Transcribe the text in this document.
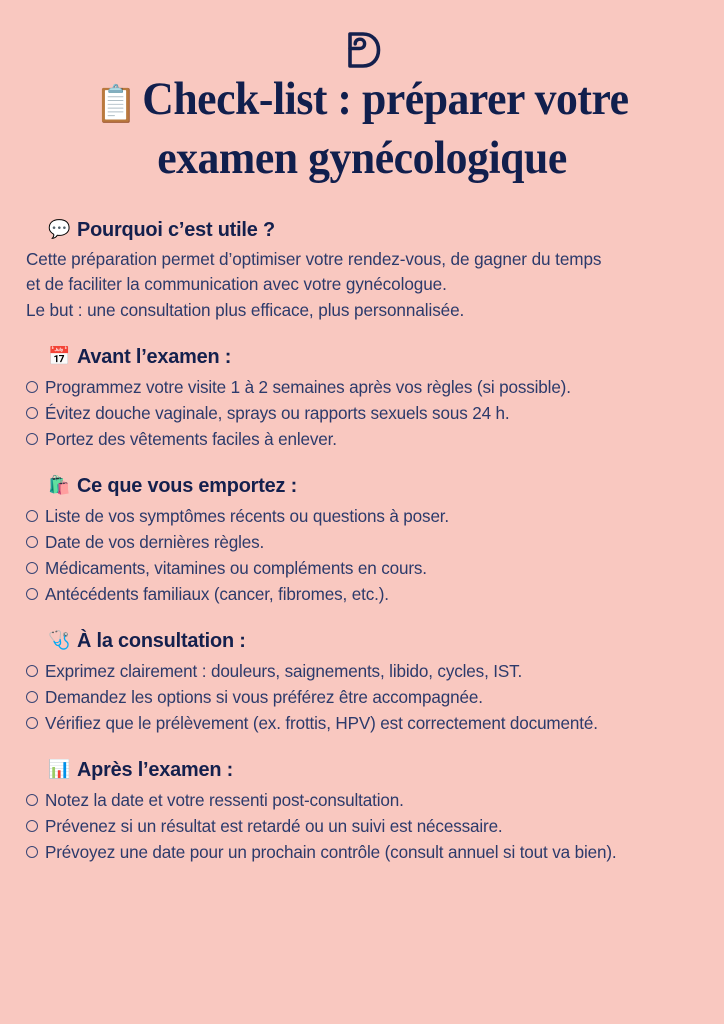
📋 Check-list : préparer votre
examen gynécologique
💬 Pourquoi c’est utile ?

Cette préparation permet d’optimiser votre rendez-vous, de gagner du temps
et de faciliter la communication avec votre gynécologue.
Le but : une consultation plus efficace, plus personnalisée.

📅 Avant l’examen :
Programmez votre visite 1 à 2 semaines après vos règles (si possible).
Évitez douche vaginale, sprays ou rapports sexuels sous 24 h.
Portez des vêtements faciles à enlever.
🛍️ Ce que vous emportez :
Liste de vos symptômes récents ou questions à poser.
Date de vos dernières règles.
Médicaments, vitamines ou compléments en cours.
Antécédents familiaux (cancer, fibromes, etc.).
🩺 À la consultation :
Exprimez clairement : douleurs, saignements, libido, cycles, IST.
Demandez les options si vous préférez être accompagnée.
Vérifiez que le prélèvement (ex. frottis, HPV) est correctement documenté.
📊 Après l’examen :
Notez la date et votre ressenti post-consultation.
Prévenez si un résultat est retardé ou un suivi est nécessaire.
Prévoyez une date pour un prochain contrôle (consult annuel si tout va bien).
